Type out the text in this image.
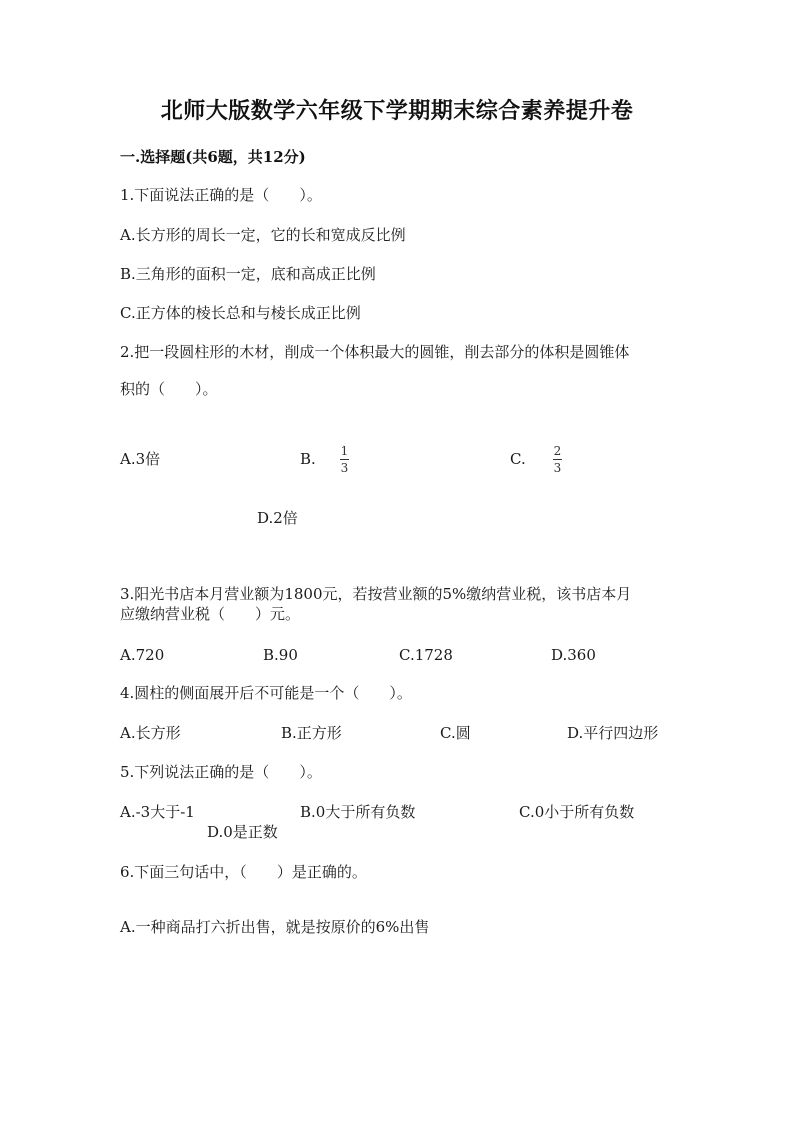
北师大版数学六年级下学期期末综合素养提升卷
一.选择题(共6题，共12分)
1.下面说法正确的是（　　）。
A.长方形的周长一定，它的长和宽成反比例
B.三角形的面积一定，底和高成正比例
C.正方体的棱长总和与棱长成正比例
2.把一段圆柱形的木材，削成一个体积最大的圆锥，削去部分的体积是圆锥体
积的（　　）。
A.3倍	B. 1
3	C. 2
3
D.2倍
3.阳光书店本月营业额为1800元，若按营业额的5%缴纳营业税，该书店本月
应缴纳营业税（　　）元。
A.720	B.90	C.1728	D.360
4.圆柱的侧面展开后不可能是一个（　　）。
A.长方形	B.正方形	C.圆	D.平行四边形
5.下列说法正确的是（　　）。
A.-3大于-1	B.0大于所有负数	C.0小于所有负数
D.0是正数
6.下面三句话中，（　　）是正确的。
A.一种商品打六折出售，就是按原价的6%出售
